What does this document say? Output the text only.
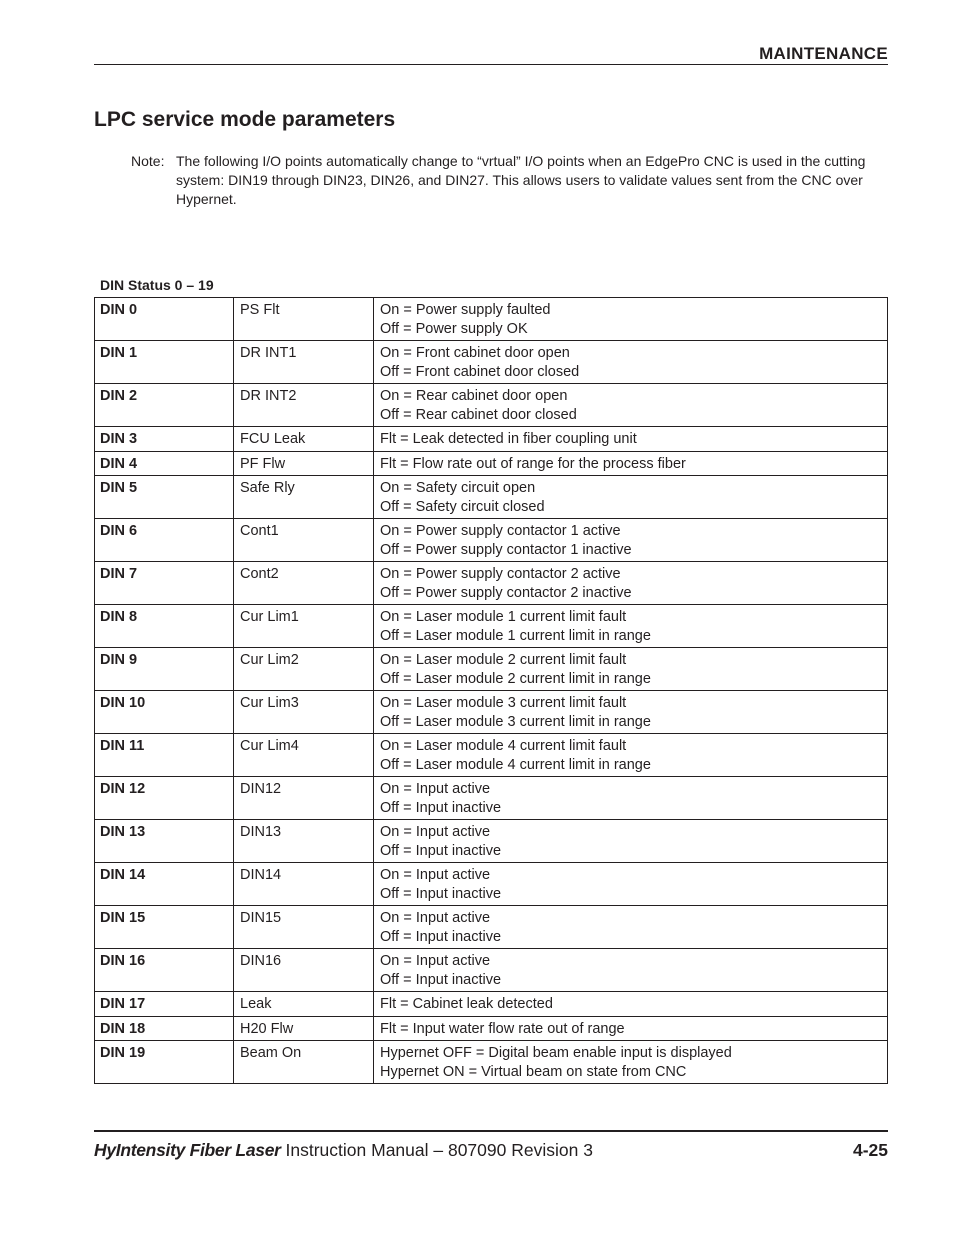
MAINTENANCE
LPC service mode parameters
Note: The following I/O points automatically change to “vrtual” I/O points when an EdgePro CNC is used in the cutting system: DIN19 through DIN23, DIN26, and DIN27. This allows users to validate values sent from the CNC over Hypernet.
DIN Status 0 – 19
DIN 0	PS Flt	On = Power supply faulted
Off = Power supply OK

DIN 1	DR INT1	On = Front cabinet door open
Off = Front cabinet door closed

DIN 2	DR INT2	On = Rear cabinet door open
Off = Rear cabinet door closed

DIN 3	FCU Leak	Flt = Leak detected in fiber coupling unit

DIN 4	PF Flw	Flt = Flow rate out of range for the process fiber

DIN 5	Safe Rly	On = Safety circuit open
Off = Safety circuit closed

DIN 6	Cont1	On = Power supply contactor 1 active
Off = Power supply contactor 1 inactive

DIN 7	Cont2	On = Power supply contactor 2 active
Off = Power supply contactor 2 inactive

DIN 8	Cur Lim1	On = Laser module 1 current limit fault
Off = Laser module 1 current limit in range

DIN 9	Cur Lim2	On = Laser module 2 current limit fault
Off = Laser module 2 current limit in range

DIN 10	Cur Lim3	On = Laser module 3 current limit fault
Off = Laser module 3 current limit in range

DIN 11	Cur Lim4	On = Laser module 4 current limit fault
Off = Laser module 4 current limit in range

DIN 12	DIN12	On = Input active
Off = Input inactive

DIN 13	DIN13	On = Input active
Off = Input inactive

DIN 14	DIN14	On = Input active
Off = Input inactive

DIN 15	DIN15	On = Input active
Off = Input inactive

DIN 16	DIN16	On = Input active
Off = Input inactive

DIN 17	Leak	Flt = Cabinet leak detected

DIN 18	H20 Flw	Flt = Input water flow rate out of range

DIN 19	Beam On	Hypernet OFF = Digital beam enable input is displayed
Hypernet ON = Virtual beam on state from CNC
HyIntensity Fiber Laser Instruction Manual – 807090 Revision 3	4-25
